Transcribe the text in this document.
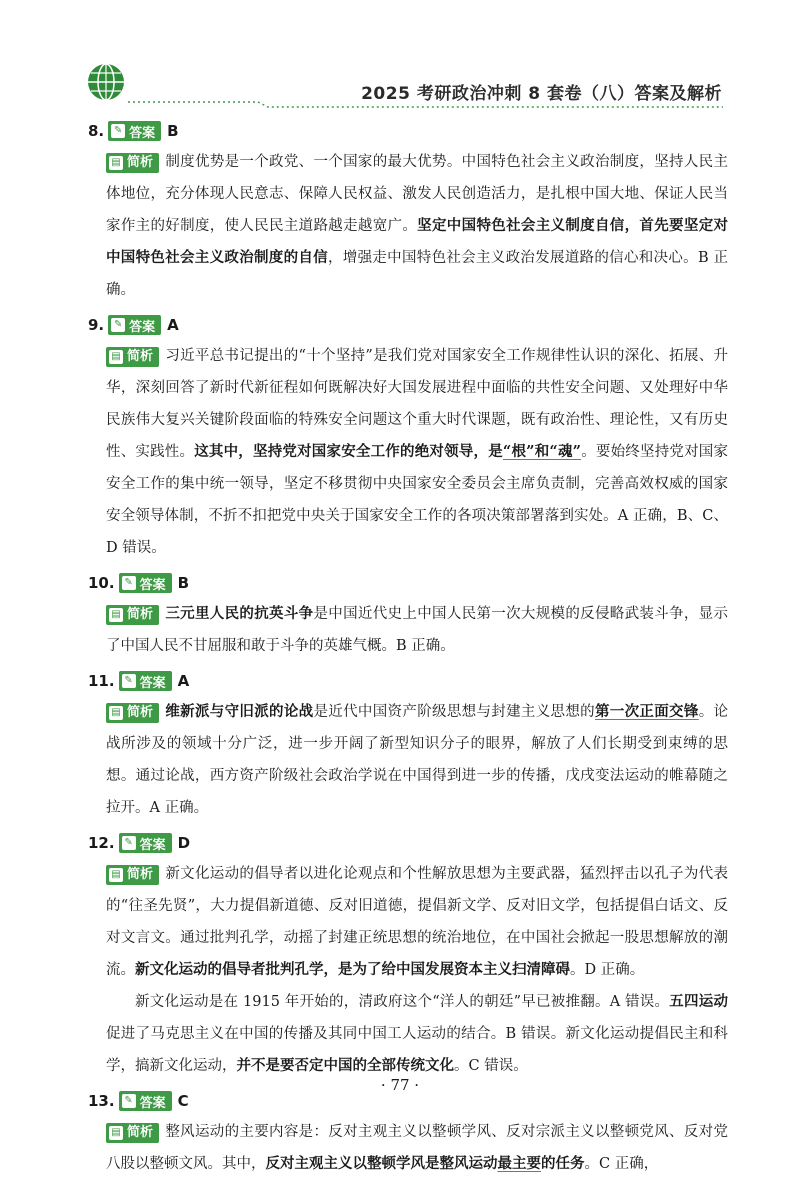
2025 考研政治冲刺 8 套卷（八）答案及解析
8. ✎ 答案 B
▤ 简析 制度优势是一个政党、一个国家的最大优势。中国特色社会主义政治制度，坚持人民主体地位，充分体现人民意志、保障人民权益、激发人民创造活力，是扎根中国大地、保证人民当家作主的好制度，使人民民主道路越走越宽广。坚定中国特色社会主义制度自信，首先要坚定对中国特色社会主义政治制度的自信，增强走中国特色社会主义政治发展道路的信心和决心。B 正确。
9. ✎ 答案 A
▤ 简析 习近平总书记提出的“十个坚持”是我们党对国家安全工作规律性认识的深化、拓展、升华，深刻回答了新时代新征程如何既解决好大国发展进程中面临的共性安全问题、又处理好中华民族伟大复兴关键阶段面临的特殊安全问题这个重大时代课题，既有政治性、理论性，又有历史性、实践性。这其中，坚持党对国家安全工作的绝对领导，是“根”和“魂”。要始终坚持党对国家安全工作的集中统一领导，坚定不移贯彻中央国家安全委员会主席负责制，完善高效权威的国家安全领导体制，不折不扣把党中央关于国家安全工作的各项决策部署落到实处。A 正确，B、C、D 错误。
10. ✎ 答案 B
▤ 简析 三元里人民的抗英斗争是中国近代史上中国人民第一次大规模的反侵略武装斗争，显示了中国人民不甘屈服和敢于斗争的英雄气概。B 正确。
11. ✎ 答案 A
▤ 简析 维新派与守旧派的论战是近代中国资产阶级思想与封建主义思想的第一次正面交锋。论战所涉及的领域十分广泛，进一步开阔了新型知识分子的眼界，解放了人们长期受到束缚的思想。通过论战，西方资产阶级社会政治学说在中国得到进一步的传播，戊戌变法运动的帷幕随之拉开。A 正确。
12. ✎ 答案 D
▤ 简析 新文化运动的倡导者以进化论观点和个性解放思想为主要武器，猛烈抨击以孔子为代表的“往圣先贤”，大力提倡新道德、反对旧道德，提倡新文学、反对旧文学，包括提倡白话文、反对文言文。通过批判孔学，动摇了封建正统思想的统治地位，在中国社会掀起一股思想解放的潮流。新文化运动的倡导者批判孔学，是为了给中国发展资本主义扫清障碍。D 正确。
新文化运动是在 1915 年开始的，清政府这个“洋人的朝廷”早已被推翻。A 错误。五四运动促进了马克思主义在中国的传播及其同中国工人运动的结合。B 错误。新文化运动提倡民主和科学，搞新文化运动，并不是要否定中国的全部传统文化。C 错误。
13. ✎ 答案 C
▤ 简析 整风运动的主要内容是：反对主观主义以整顿学风、反对宗派主义以整顿党风、反对党八股以整顿文风。其中，反对主观主义以整顿学风是整风运动最主要的任务。C 正确，
· 77 ·
